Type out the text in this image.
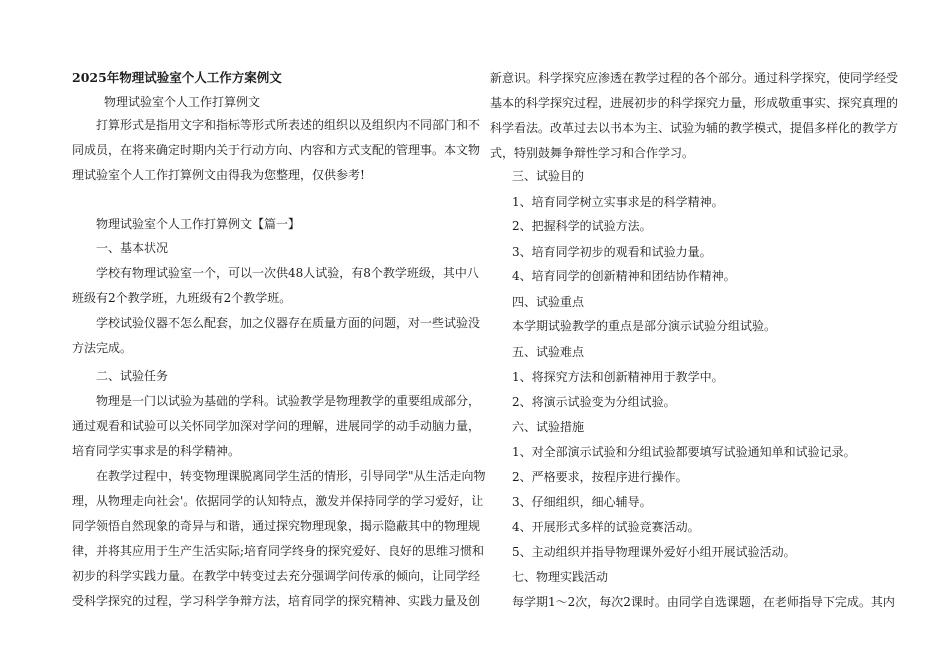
2025年物理试验室个人工作方案例文
物理试验室个人工作打算例文
打算形式是指用文字和指标等形式所表述的组织以及组织内不同部门和不
同成员，在将来确定时期内关于行动方向、内容和方式支配的管理事。本文物
理试验室个人工作打算例文由得我为您整理，仅供参考!
物理试验室个人工作打算例文【篇一】
一、基本状况
学校有物理试验室一个，可以一次供48人试验，有8个教学班级，其中八
班级有2个教学班，九班级有2个教学班。
学校试验仪器不怎么配套，加之仪器存在质量方面的问题，对一些试验没
方法完成。
二、试验任务
物理是一门以试验为基础的学科。试验教学是物理教学的重要组成部分，
通过观看和试验可以关怀同学加深对学问的理解，进展同学的动手动脑力量，
培育同学实事求是的科学精神。
在教学过程中，转变物理课脱离同学生活的情形，引导同学"从生活走向物
理，从物理走向社会'。依据同学的认知特点，激发并保持同学的学习爱好，让
同学领悟自然现象的奇异与和谐，通过探究物理现象，揭示隐蔽其中的物理规
律，并将其应用于生产生活实际;培育同学终身的探究爱好、良好的思维习惯和
初步的科学实践力量。在教学中转变过去充分强调学问传承的倾向，让同学经
受科学探究的过程，学习科学争辩方法，培育同学的探究精神、实践力量及创
新意识。科学探究应渗透在教学过程的各个部分。通过科学探究，使同学经受
基本的科学探究过程，进展初步的科学探究力量，形成敬重事实、探究真理的
科学看法。改革过去以书本为主、试验为辅的教学模式，提倡多样化的教学方
式，特别鼓舞争辩性学习和合作学习。
三、试验目的
1、培育同学树立实事求是的科学精神。
2、把握科学的试验方法。
3、培育同学初步的观看和试验力量。
4、培育同学的创新精神和团结协作精神。
四、试验重点
本学期试验教学的重点是部分演示试验分组试验。
五、试验难点
1、将探究方法和创新精神用于教学中。
2、将演示试验变为分组试验。
六、试验措施
1、对全部演示试验和分组试验都要填写试验通知单和试验记录。
2、严格要求，按程序进行操作。
3、仔细组织，细心辅导。
4、开展形式多样的试验竞赛活动。
5、主动组织并指导物理课外爱好小组开展试验活动。
七、物理实践活动
每学期1～2次，每次2课时。由同学自选课题，在老师指导下完成。其内
